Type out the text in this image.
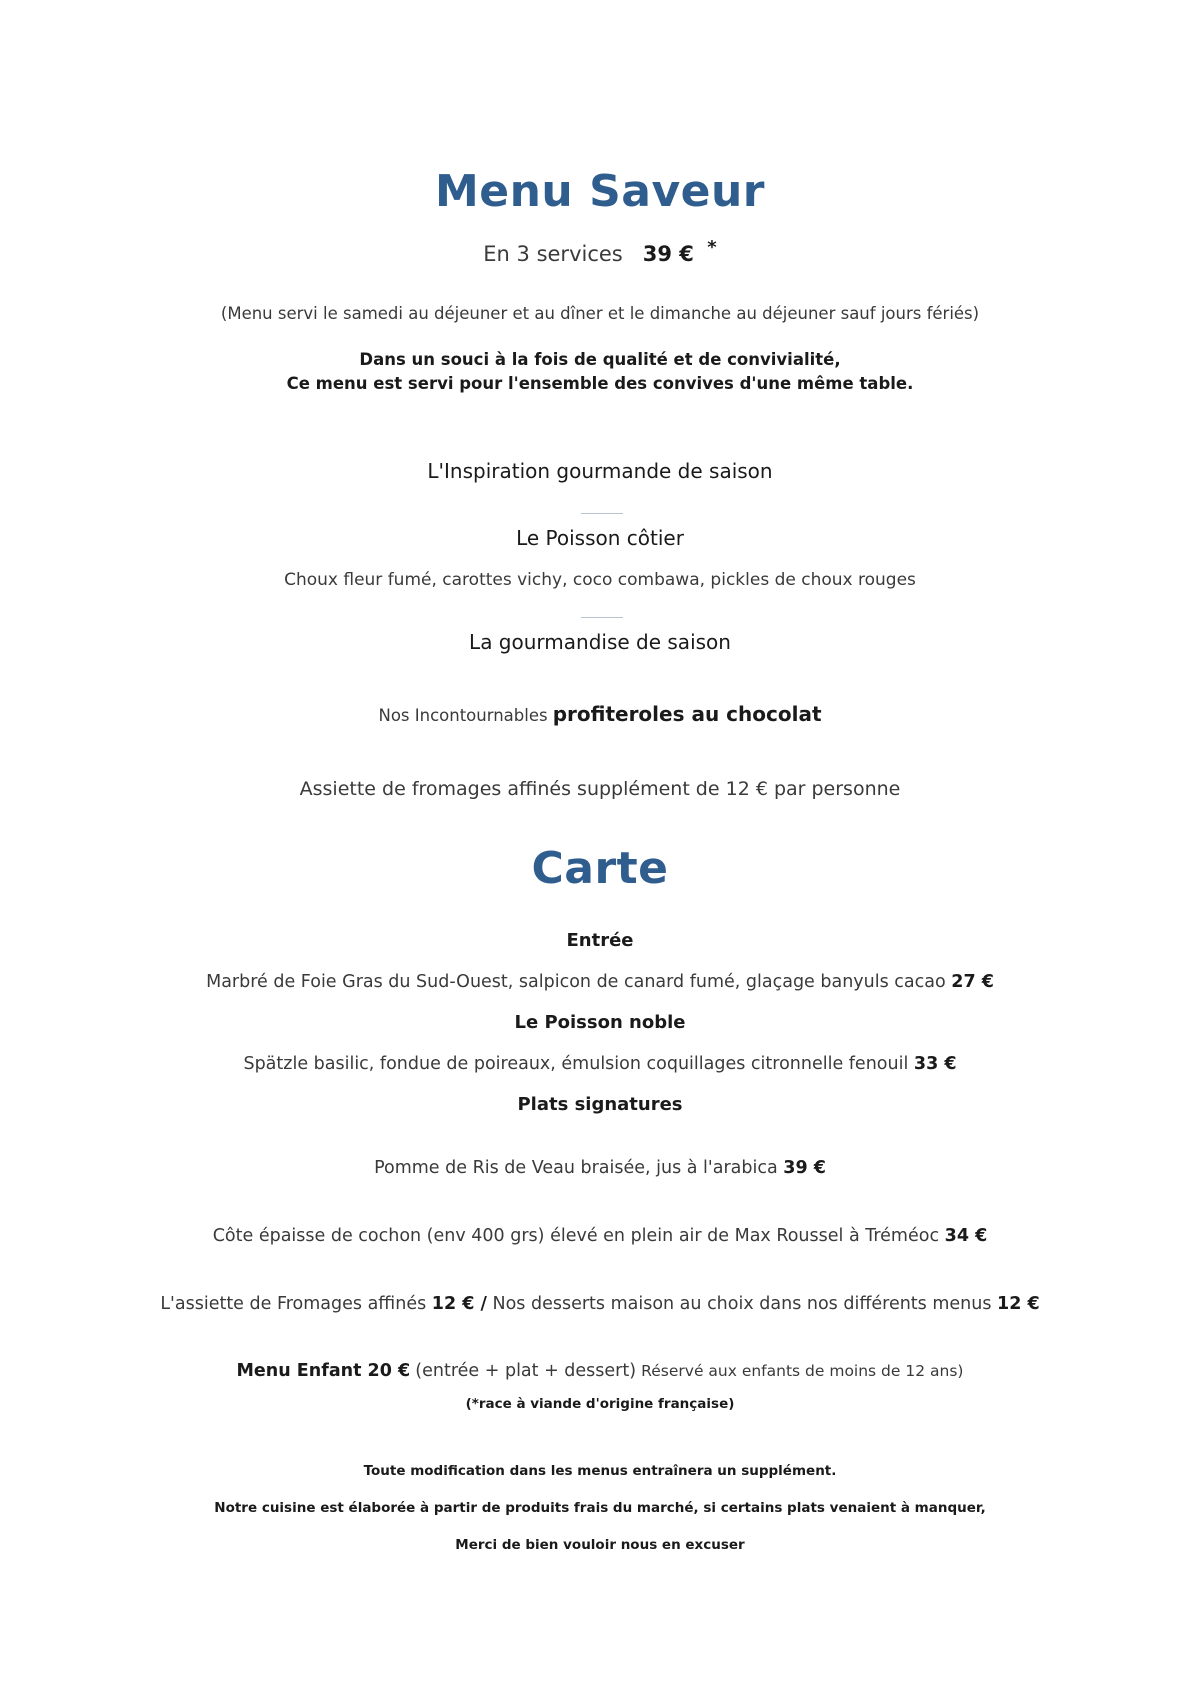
Menu Saveur
En 3 services 39 € *
(Menu servi le samedi au déjeuner et au dîner et le dimanche au déjeuner sauf jours fériés)
Dans un souci à la fois de qualité et de convivialité,
Ce menu est servi pour l'ensemble des convives d'une même table.
L'Inspiration gourmande de saison
Le Poisson côtier
Choux fleur fumé, carottes vichy, coco combawa, pickles de choux rouges
La gourmandise de saison
Nos Incontournables profiteroles au chocolat
Assiette de fromages affinés supplément de 12 € par personne
Carte
Entrée
Marbré de Foie Gras du Sud-Ouest, salpicon de canard fumé, glaçage banyuls cacao 27 €
Le Poisson noble
Spätzle basilic, fondue de poireaux, émulsion coquillages citronnelle fenouil 33 €
Plats signatures
Pomme de Ris de Veau braisée, jus à l'arabica 39 €
Côte épaisse de cochon (env 400 grs) élevé en plein air de Max Roussel à Tréméoc 34 €
L'assiette de Fromages affinés 12 € / Nos desserts maison au choix dans nos différents menus 12 €
Menu Enfant 20 € (entrée + plat + dessert) Réservé aux enfants de moins de 12 ans)
(*race à viande d'origine française)
Toute modification dans les menus entraînera un supplément.
Notre cuisine est élaborée à partir de produits frais du marché, si certains plats venaient à manquer,
Merci de bien vouloir nous en excuser
